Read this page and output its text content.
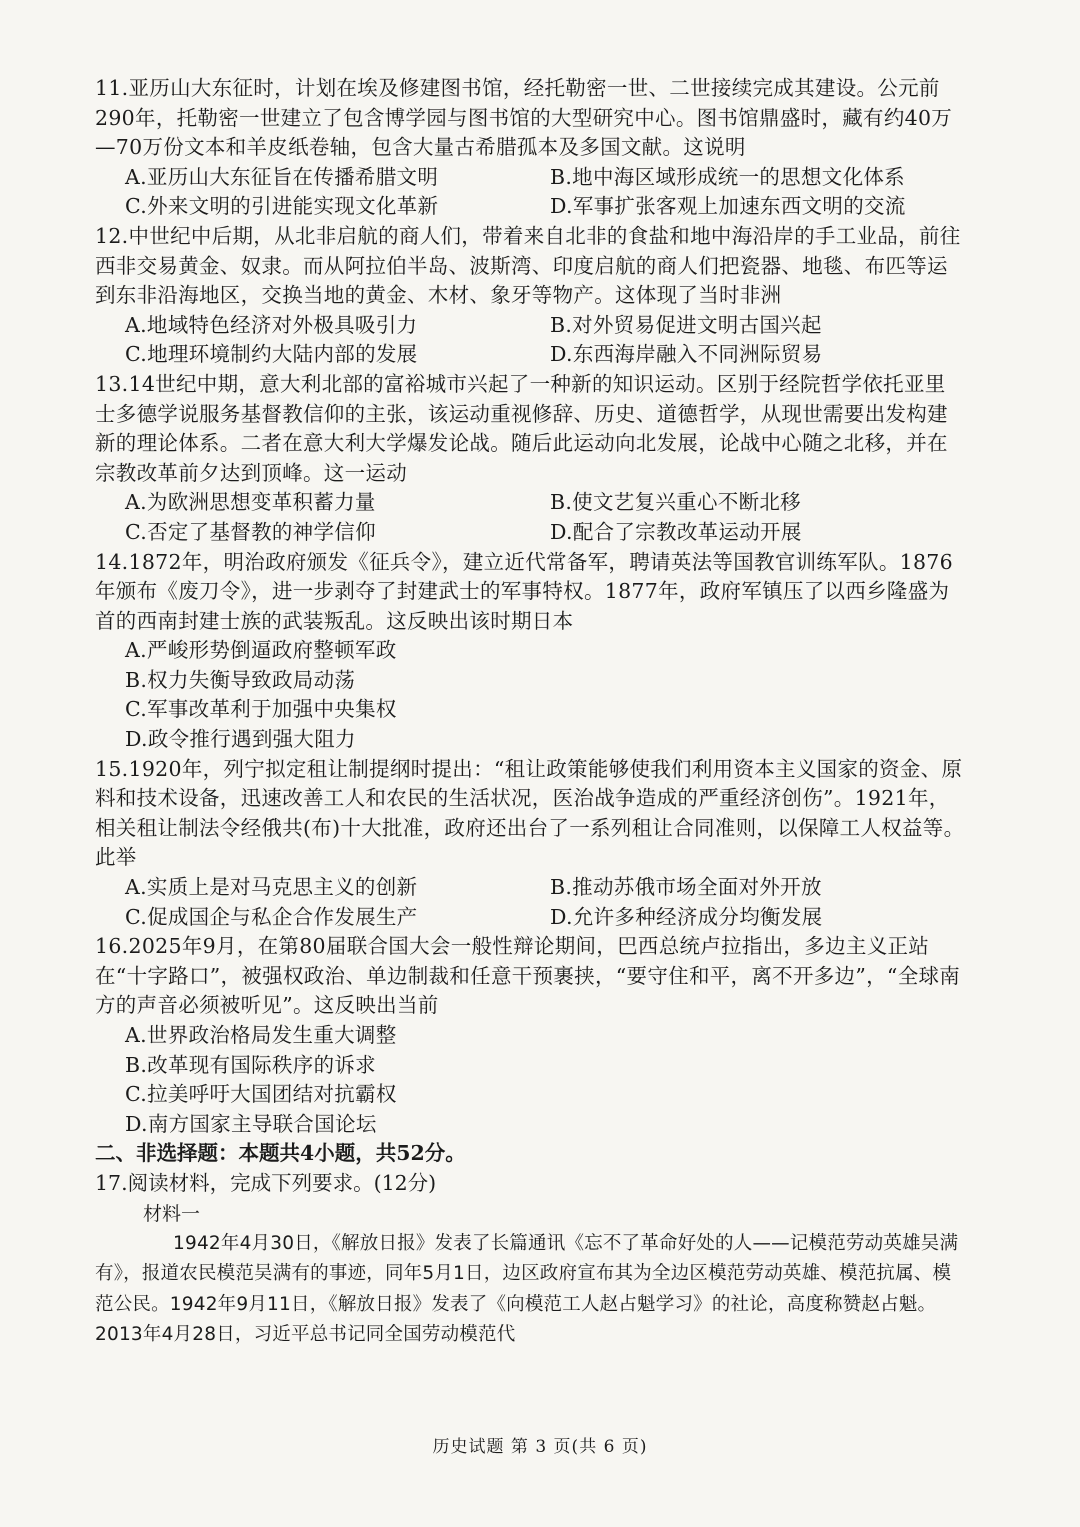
11.亚历山大东征时，计划在埃及修建图书馆，经托勒密一世、二世接续完成其建设。公元前290年，托勒密一世建立了包含博学园与图书馆的大型研究中心。图书馆鼎盛时，藏有约40万—70万份文本和羊皮纸卷轴，包含大量古希腊孤本及多国文献。这说明
A.亚历山大东征旨在传播希腊文明	B.地中海区域形成统一的思想文化体系
C.外来文明的引进能实现文化革新	D.军事扩张客观上加速东西文明的交流
12.中世纪中后期，从北非启航的商人们，带着来自北非的食盐和地中海沿岸的手工业品，前往西非交易黄金、奴隶。而从阿拉伯半岛、波斯湾、印度启航的商人们把瓷器、地毯、布匹等运到东非沿海地区，交换当地的黄金、木材、象牙等物产。这体现了当时非洲
A.地域特色经济对外极具吸引力	B.对外贸易促进文明古国兴起
C.地理环境制约大陆内部的发展	D.东西海岸融入不同洲际贸易
13.14世纪中期，意大利北部的富裕城市兴起了一种新的知识运动。区别于经院哲学依托亚里士多德学说服务基督教信仰的主张，该运动重视修辞、历史、道德哲学，从现世需要出发构建新的理论体系。二者在意大利大学爆发论战。随后此运动向北发展，论战中心随之北移，并在宗教改革前夕达到顶峰。这一运动
A.为欧洲思想变革积蓄力量	B.使文艺复兴重心不断北移
C.否定了基督教的神学信仰	D.配合了宗教改革运动开展
14.1872年，明治政府颁发《征兵令》，建立近代常备军，聘请英法等国教官训练军队。1876年颁布《废刀令》，进一步剥夺了封建武士的军事特权。1877年，政府军镇压了以西乡隆盛为首的西南封建士族的武装叛乱。这反映出该时期日本
A.严峻形势倒逼政府整顿军政
B.权力失衡导致政局动荡
C.军事改革利于加强中央集权
D.政令推行遇到强大阻力
15.1920年，列宁拟定租让制提纲时提出：“租让政策能够使我们利用资本主义国家的资金、原料和技术设备，迅速改善工人和农民的生活状况，医治战争造成的严重经济创伤”。1921年，相关租让制法令经俄共(布)十大批准，政府还出台了一系列租让合同准则，以保障工人权益等。此举
A.实质上是对马克思主义的创新	B.推动苏俄市场全面对外开放
C.促成国企与私企合作发展生产	D.允许多种经济成分均衡发展
16.2025年9月，在第80届联合国大会一般性辩论期间，巴西总统卢拉指出，多边主义正站在“十字路口”，被强权政治、单边制裁和任意干预裹挟，“要守住和平，离不开多边”，“全球南方的声音必须被听见”。这反映出当前
A.世界政治格局发生重大调整
B.改革现有国际秩序的诉求
C.拉美呼吁大国团结对抗霸权
D.南方国家主导联合国论坛
二、非选择题：本题共4小题，共52分。
17.阅读材料，完成下列要求。(12分)
材料一
1942年4月30日，《解放日报》发表了长篇通讯《忘不了革命好处的人——记模范劳动英雄吴满有》，报道农民模范吴满有的事迹，同年5月1日，边区政府宣布其为全边区模范劳动英雄、模范抗属、模范公民。1942年9月11日，《解放日报》发表了《向模范工人赵占魁学习》的社论，高度称赞赵占魁。2013年4月28日，习近平总书记同全国劳动模范代
历史试题 第 3 页(共 6 页)
